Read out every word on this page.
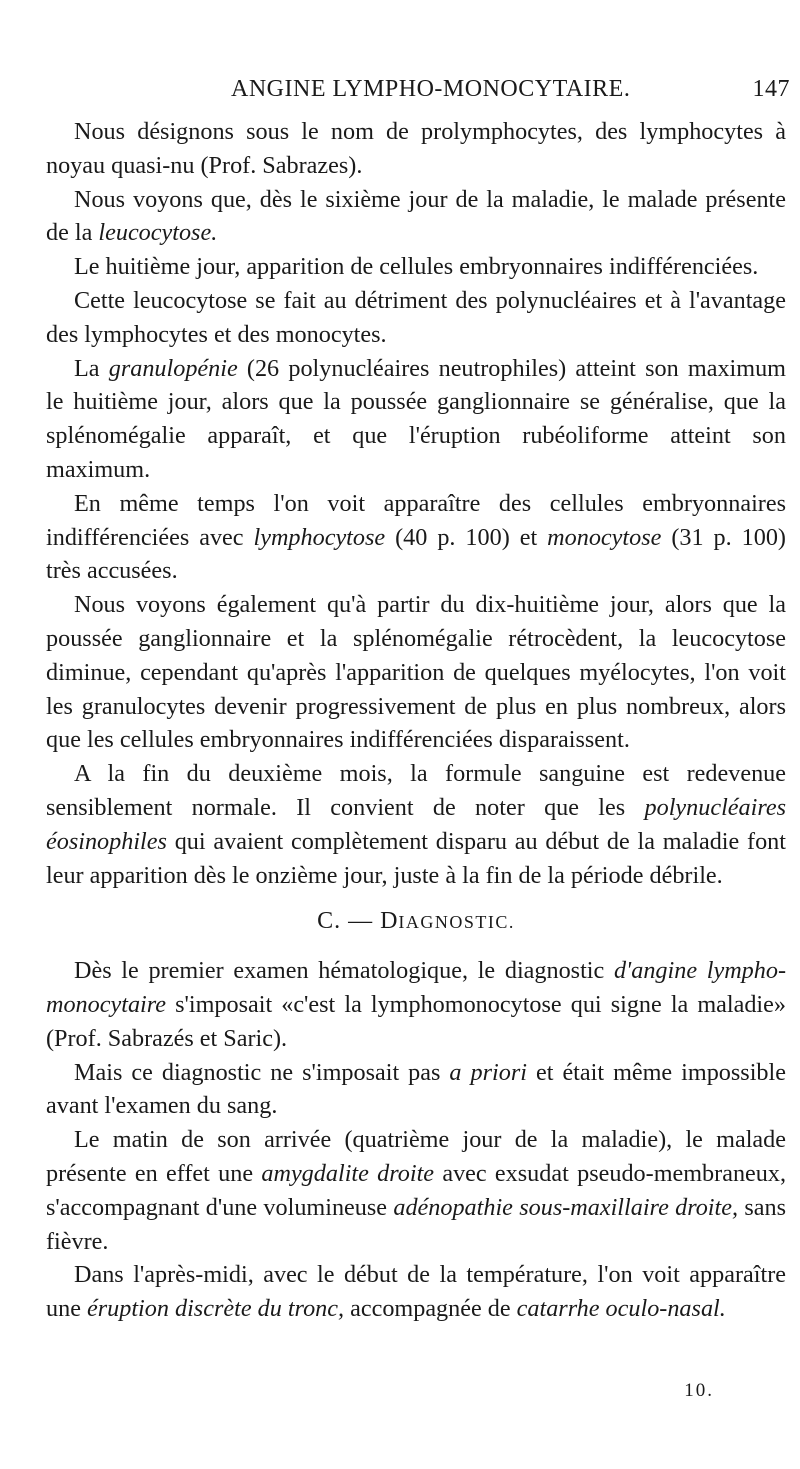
ANGINE LYMPHO-MONOCYTAIRE.	147

Nous désignons sous le nom de prolymphocytes, des lymphocytes à noyau quasi-nu (Prof. Sabrazes).

Nous voyons que, dès le sixième jour de la maladie, le malade présente de la leucocytose.

Le huitième jour, apparition de cellules embryonnaires indifférenciées.

Cette leucocytose se fait au détriment des polynucléaires et à l'avantage des lymphocytes et des monocytes.

La granulopénie (26 polynucléaires neutrophiles) atteint son maximum le huitième jour, alors que la poussée ganglionnaire se généralise, que la splénomégalie apparaît, et que l'éruption rubéoliforme atteint son maximum.

En même temps l'on voit apparaître des cellules embryonnaires indifférenciées avec lymphocytose (40 p. 100) et monocytose (31 p. 100) très accusées.

Nous voyons également qu'à partir du dix-huitième jour, alors que la poussée ganglionnaire et la splénomégalie rétrocèdent, la leucocytose diminue, cependant qu'après l'apparition de quelques myélocytes, l'on voit les granulocytes devenir progressivement de plus en plus nombreux, alors que les cellules embryonnaires indifférenciées disparaissent.

A la fin du deuxième mois, la formule sanguine est redevenue sensiblement normale. Il convient de noter que les polynucléaires éosinophiles qui avaient complètement disparu au début de la maladie font leur apparition dès le onzième jour, juste à la fin de la période débrile.

C. — DIAGNOSTIC.

Dès le premier examen hématologique, le diagnostic d'angine lympho-monocytaire s'imposait «c'est la lymphomonocytose qui signe la maladie» (Prof. Sabrazés et Saric).

Mais ce diagnostic ne s'imposait pas a priori et était même impossible avant l'examen du sang.

Le matin de son arrivée (quatrième jour de la maladie), le malade présente en effet une amygdalite droite avec exsudat pseudo-membraneux, s'accompagnant d'une volumineuse adénopathie sous-maxillaire droite, sans fièvre.

Dans l'après-midi, avec le début de la température, l'on voit apparaître une éruption discrète du tronc, accompagnée de catarrhe oculo-nasal.

10.
